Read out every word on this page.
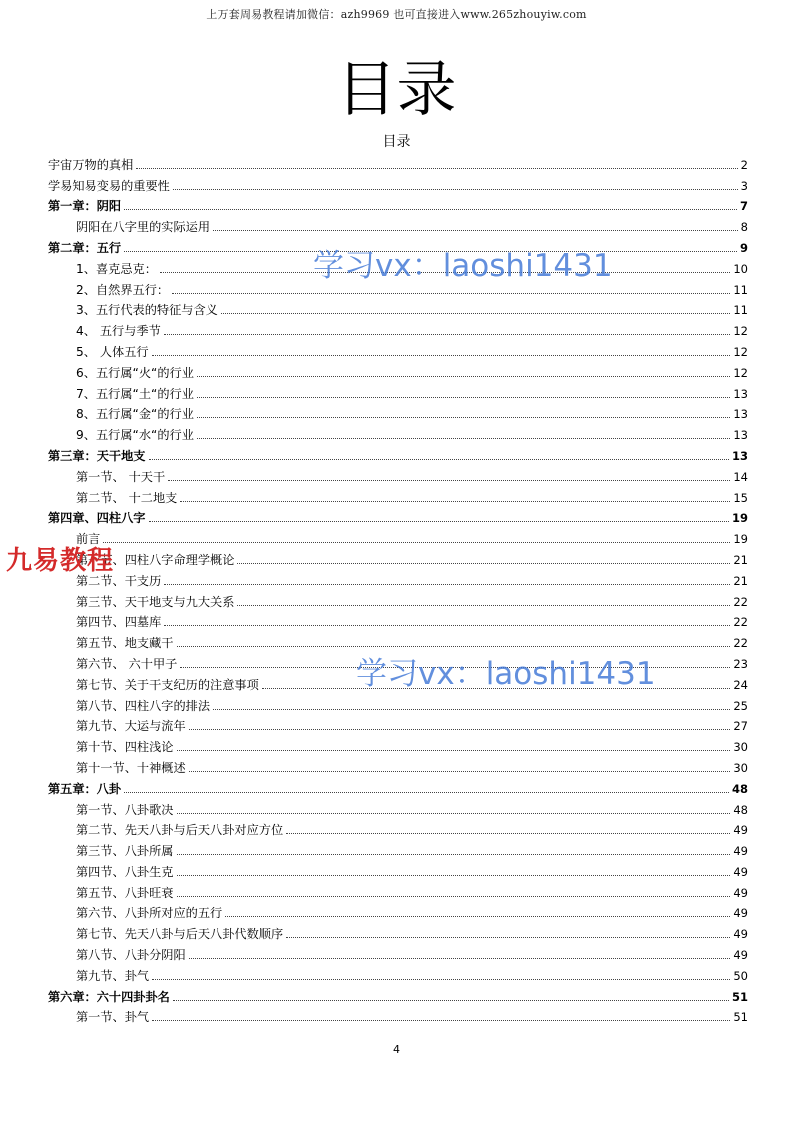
上万套周易教程请加微信：azh9969 也可直接进入www.265zhouyiw.com
目录
目录
宇宙万物的真相	2
学易知易变易的重要性	3
第一章：阴阳	7
阴阳在八字里的实际运用	8
第二章：五行	9
1、喜克忌克：	10
2、自然界五行：	11
3、五行代表的特征与含义	11
4、 五行与季节	12
5、 人体五行	12
6、五行属“火“的行业	12
7、五行属“土“的行业	13
8、五行属“金“的行业	13
9、五行属“水“的行业	13
第三章：天干地支	13
第一节、 十天干	14
第二节、 十二地支	15
第四章、四柱八字	19
前言	19
第一节、四柱八字命理学概论	21
第二节、干支历	21
第三节、天干地支与九大关系	22
第四节、四墓库	22
第五节、地支藏干	22
第六节、 六十甲子	23
第七节、关于干支纪历的注意事项	24
第八节、四柱八字的排法	25
第九节、大运与流年	27
第十节、四柱浅论	30
第十一节、十神概述	30
第五章：八卦	48
第一节、八卦歌决	48
第二节、先天八卦与后天八卦对应方位	49
第三节、八卦所属	49
第四节、八卦生克	49
第五节、八卦旺衰	49
第六节、八卦所对应的五行	49
第七节、先天八卦与后天八卦代数顺序	49
第八节、八卦分阴阳	49
第九节、卦气	50
第六章：六十四卦卦名	51
第一节、卦气	51
学习vx：laoshi1431
学习vx：laoshi1431
九易教程
4
